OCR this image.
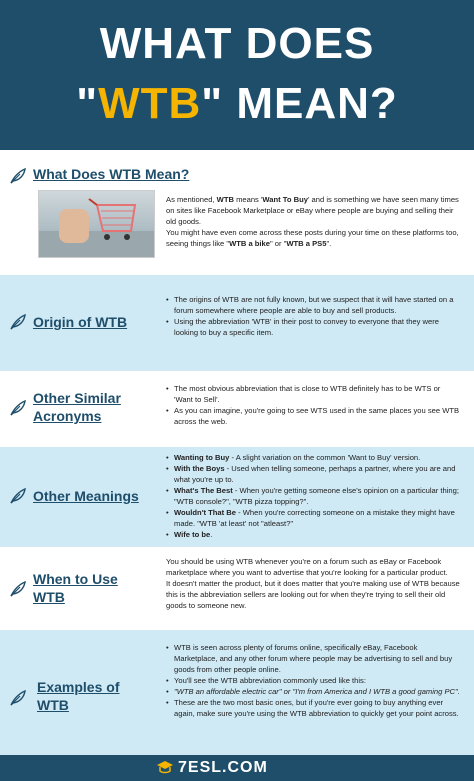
WHAT DOES
"WTB" MEAN?
What Does WTB Mean?

As mentioned, WTB means 'Want To Buy' and is something we have seen many times on sites like Facebook Marketplace or eBay where people are buying and selling their old goods.

You might have even come across these posts during your time on these platforms too, seeing things like "WTB a bike" or "WTB a PS5".

Origin of WTB
• The origins of WTB are not fully known, but we suspect that it will have started on a forum somewhere where people are able to buy and sell products.
• Using the abbreviation 'WTB' in their post to convey to everyone that they were looking to buy a specific item.
Other Similar
Acronyms
• The most obvious abbreviation that is close to WTB definitely has to be WTS or 'Want to Sell'.
• As you can imagine, you're going to see WTS used in the same places you see WTB across the web.
Other Meanings
• Wanting to Buy - A slight variation on the common 'Want to Buy' version.
• With the Boys - Used when telling someone, perhaps a partner, where you are and what you're up to.
• What's The Best - When you're getting someone else's opinion on a particular thing; "WTB console?", "WTB pizza topping?".
• Wouldn't That Be - When you're correcting someone on a mistake they might have made. "WTB 'at least' not "atleast?"
• Wife to be.
When to Use
WTB

You should be using WTB whenever you're on a forum such as eBay or Facebook marketplace where you want to advertise that you're looking for a particular product.

It doesn't matter the product, but it does matter that you're making use of WTB because this is the abbreviation sellers are looking out for when they're trying to sell their old goods to someone new.

Examples of
WTB
• WTB is seen across plenty of forums online, specifically eBay, Facebook Marketplace, and any other forum where people may be advertising to sell and buy goods from other people online.
• You'll see the WTB abbreviation commonly used like this:
• "WTB an affordable electric car" or "I'm from America and I WTB a good gaming PC".
• These are the two most basic ones, but if you're ever going to buy anything ever again, make sure you're using the WTB abbreviation to quickly get your point across.
7ESL.COM
